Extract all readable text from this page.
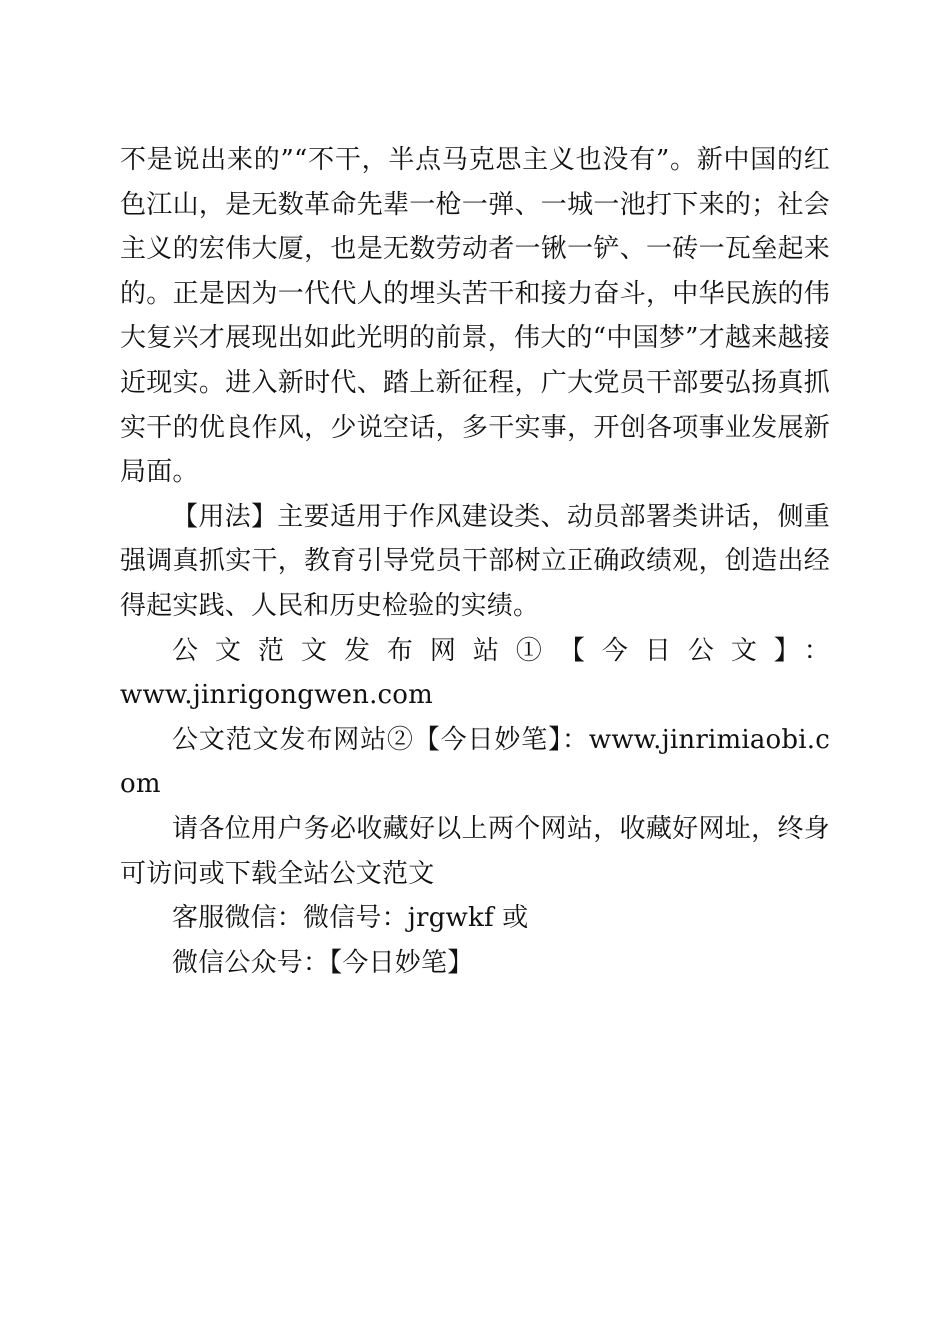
不是说出来的”“不干，半点马克思主义也没有”。新中国的红色江山，是无数革命先辈一枪一弹、一城一池打下来的；社会主义的宏伟大厦，也是无数劳动者一锹一铲、一砖一瓦垒起来的。正是因为一代代人的埋头苦干和接力奋斗，中华民族的伟大复兴才展现出如此光明的前景，伟大的“中国梦”才越来越接近现实。进入新时代、踏上新征程，广大党员干部要弘扬真抓实干的优良作风，少说空话，多干实事，开创各项事业发展新局面。

【用法】主要适用于作风建设类、动员部署类讲话，侧重强调真抓实干，教育引导党员干部树立正确政绩观，创造出经得起实践、人民和历史检验的实绩。

公文范文发布网站①【今日公文】：

www.jinrigongwen.com

公文范文发布网站②【今日妙笔】：www.jinrimiaobi.com

请各位用户务必收藏好以上两个网站，收藏好网址，终身可访问或下载全站公文范文

客服微信：微信号：jrgwkf 或

微信公众号：【今日妙笔】
